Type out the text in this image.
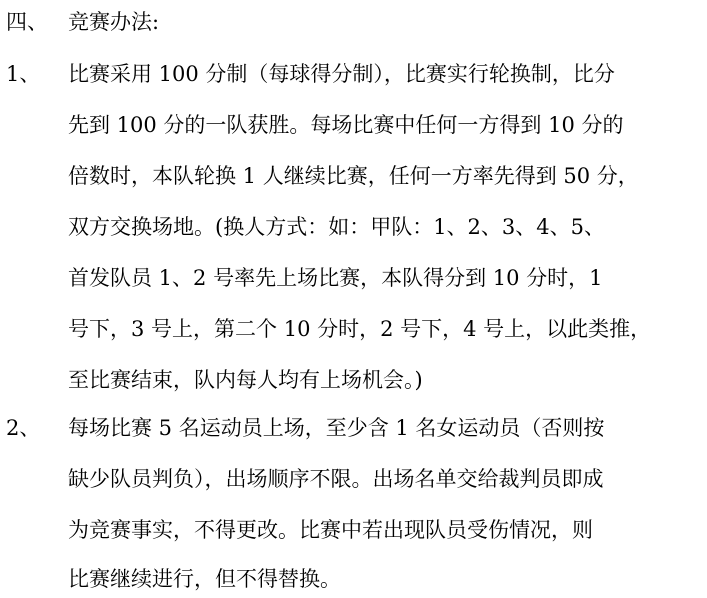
四、 竞赛办法:
1、 比赛采用 100 分制（每球得分制），比赛实行轮换制，比分
先到 100 分的一队获胜。每场比赛中任何一方得到 10 分的
倍数时，本队轮换 1 人继续比赛，任何一方率先得到 50 分，
双方交换场地。(换人方式：如：甲队：1、2、3、4、5、
首发队员 1、2 号率先上场比赛，本队得分到 10 分时，1
号下，3 号上，第二个 10 分时，2 号下，4 号上，以此类推，
至比赛结束，队内每人均有上场机会。)
2、 每场比赛 5 名运动员上场，至少含 1 名女运动员（否则按
缺少队员判负），出场顺序不限。出场名单交给裁判员即成
为竞赛事实，不得更改。比赛中若出现队员受伤情况，则
比赛继续进行，但不得替换。
